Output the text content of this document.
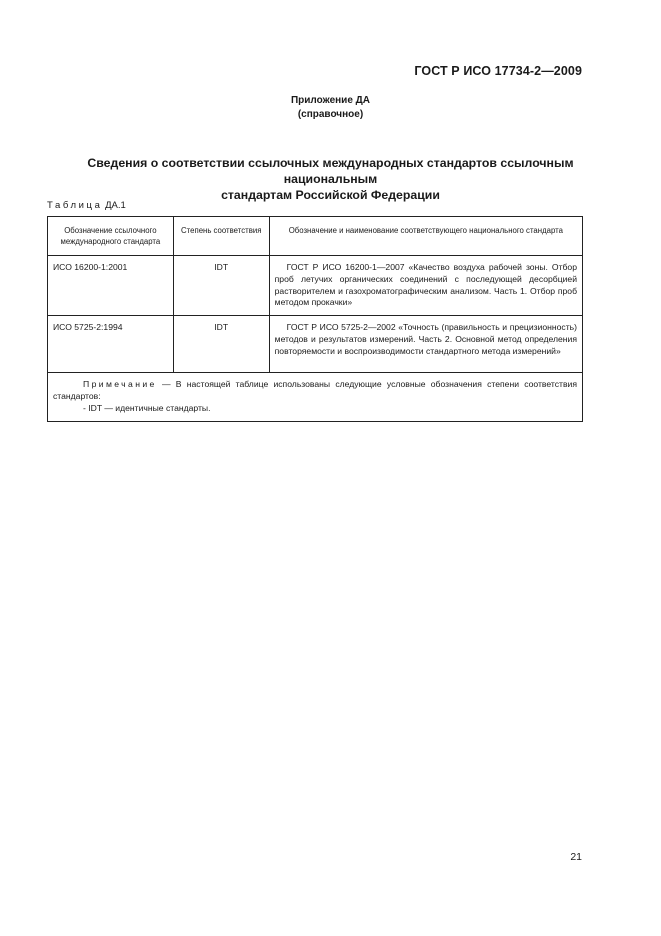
ГОСТ Р ИСО 17734-2—2009
Приложение ДА
(справочное)
Сведения о соответствии ссылочных международных стандартов ссылочным национальным
стандартам Российской Федерации
Таблица ДА.1
Обозначение ссылочного международного стандарта	Степень соответствия	Обозначение и наименование соответствующего национального стандарта
ИСО 16200-1:2001	IDT	ГОСТ Р ИСО 16200-1—2007 «Качество воздуха рабочей зоны. Отбор проб летучих органических соединений с последующей десорбцией растворителем и газохроматографическим анализом. Часть 1. Отбор проб методом прокачки»
ИСО 5725-2:1994	IDT	ГОСТ Р ИСО 5725-2—2002 «Точность (правильность и прецизионность) методов и результатов измерений. Часть 2. Основной метод определения повторяемости и воспроизводимости стандартного метода измерений»

Примечание — В настоящей таблице использованы следующие условные обозначения степени соответствия стандартов:
- IDT — идентичные стандарты.		
21
